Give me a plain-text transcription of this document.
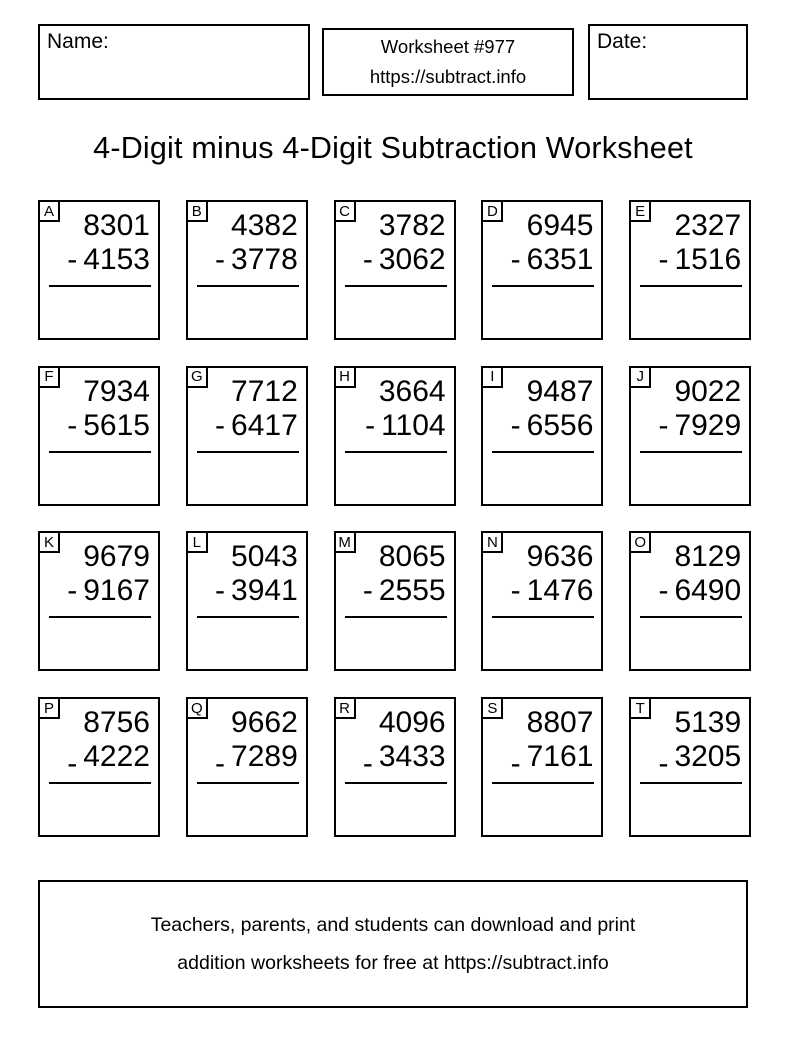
Name:	Worksheet #977
https://subtract.info
Date:
4-Digit minus 4-Digit Subtraction Worksheet
A 8301
- 4153
B 4382
- 3778
C 3782
- 3062
D 6945
- 6351
E 2327
- 1516
F 7934
- 5615
G 7712
- 6417
H 3664
- 1104
I	9487
- 6556
J	9022
- 7929
K 9679
- 9167
L	5043
- 3941
M 8065
- 2555
N 9636
- 1476
O 8129
- 6490
P 8756
- 4222
Q 9662
- 7289
R 4096
- 3433
S 8807
- 7161
T 5139
- 3205
Teachers, parents, and students can download and print
addition worksheets for free at https://subtract.info
